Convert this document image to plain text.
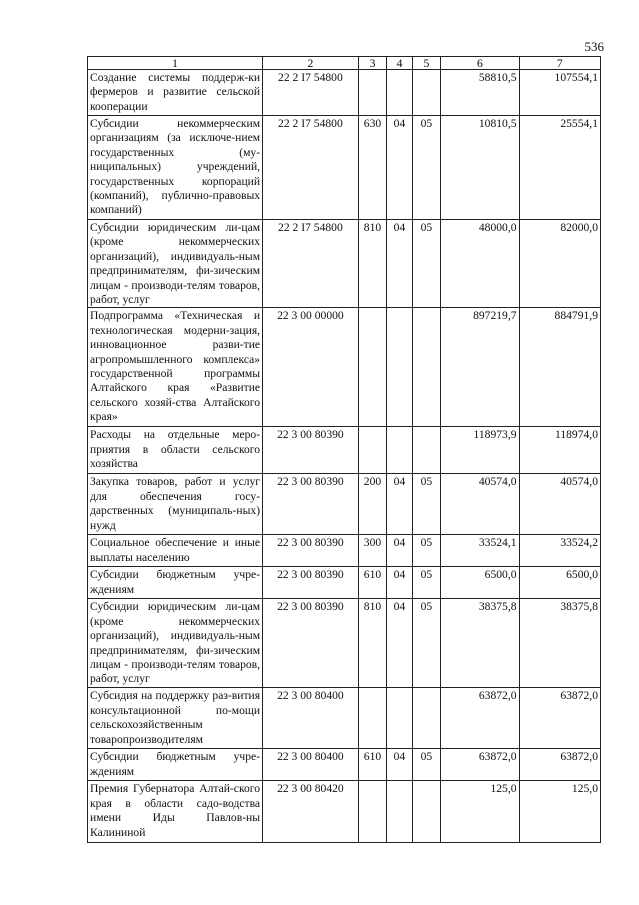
536
1	2	3	4	5	6	7
Создание системы поддерж-ки фермеров и развитие сельской кооперации	22 2 I7 54800				58810,5	107554,1
Субсидии некоммерческим организациям (за исключе-нием государственных (му-ниципальных) учреждений, государственных корпораций (компаний), публично-правовых компаний)	22 2 I7 54800	630	04	05	10810,5	25554,1
Субсидии юридическим ли-цам (кроме некоммерческих организаций), индивидуаль-ным предпринимателям, фи-зическим лицам - производи-телям товаров, работ, услуг	22 2 I7 54800	810	04	05	48000,0	82000,0
Подпрограмма «Техническая и технологическая модерни-зация, инновационное разви-тие агропромышленного комплекса» государственной программы Алтайского края «Развитие сельского хозяй-ства Алтайского края»	22 3 00 00000				897219,7	884791,9
Расходы на отдельные меро-приятия в области сельского хозяйства	22 3 00 80390				118973,9	118974,0
Закупка товаров, работ и услуг для обеспечения госу-дарственных (муниципаль-ных) нужд	22 3 00 80390	200	04	05	40574,0	40574,0
Социальное обеспечение и иные выплаты населению	22 3 00 80390	300	04	05	33524,1	33524,2
Субсидии бюджетным учре-ждениям	22 3 00 80390	610	04	05	6500,0	6500,0
Субсидии юридическим ли-цам (кроме некоммерческих организаций), индивидуаль-ным предпринимателям, фи-зическим лицам - производи-телям товаров, работ, услуг	22 3 00 80390	810	04	05	38375,8	38375,8
Субсидия на поддержку раз-вития консультационной по-мощи сельскохозяйственным товаропроизводителям	22 3 00 80400				63872,0	63872,0
Субсидии бюджетным учре-ждениям	22 3 00 80400	610	04	05	63872,0	63872,0
Премия Губернатора Алтай-ского края в области садо-водства имени Иды Павлов-ны Калининой	22 3 00 80420				125,0	125,0
